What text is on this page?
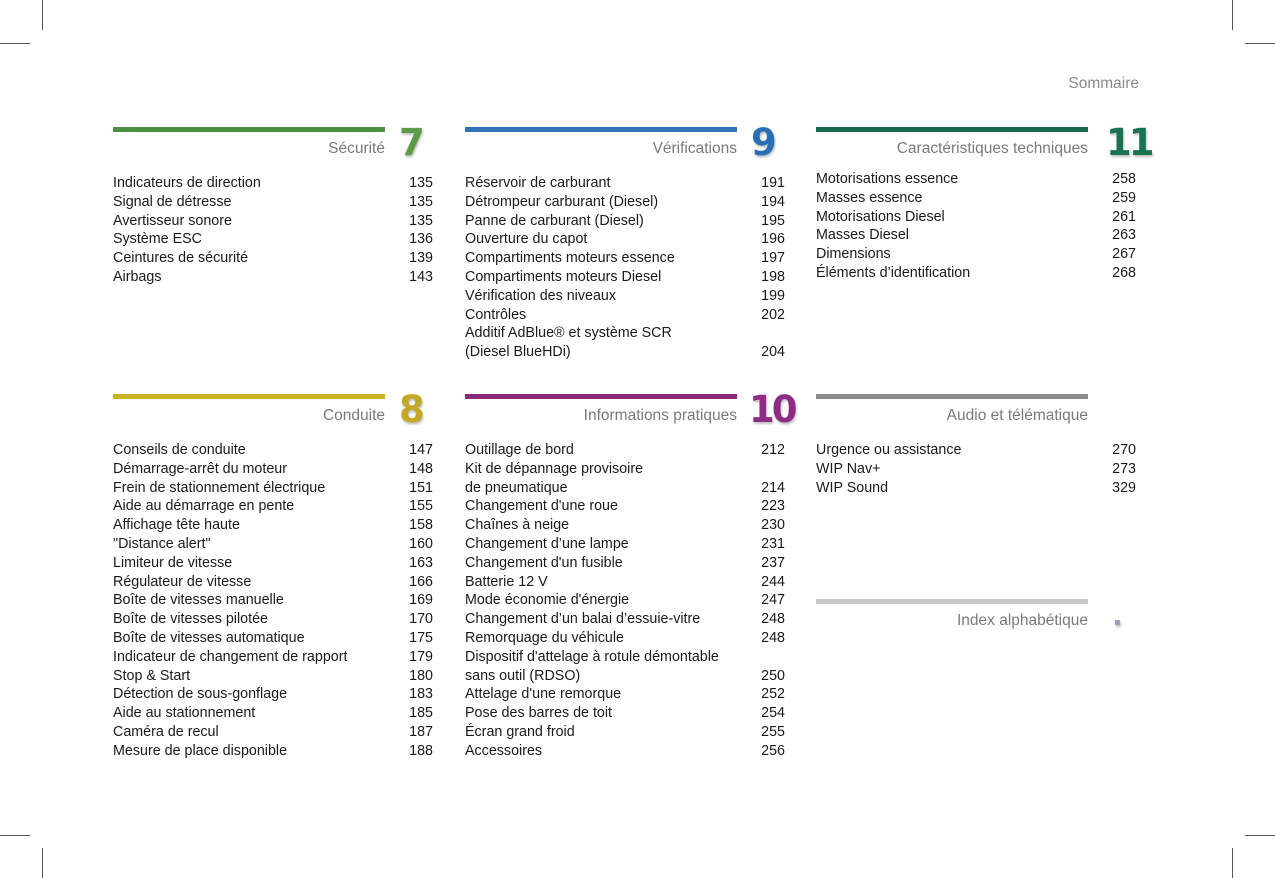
Sommaire
Sécurité 7
Indicateurs de direction	135
Signal de détresse	135
Avertisseur sonore	135
Système ESC	136
Ceintures de sécurité	139
Airbags	143
Vérifications 9
Réservoir de carburant	191
Détrompeur carburant (Diesel)	194
Panne de carburant (Diesel)	195
Ouverture du capot	196
Compartiments moteurs essence	197
Compartiments moteurs Diesel	198
Vérification des niveaux	199
Contrôles	202
Additif AdBlue® et système SCR
(Diesel BlueHDi)	204
Caractéristiques techniques 11
Motorisations essence	258
Masses essence	259
Motorisations Diesel	261
Masses Diesel	263
Dimensions	267
Éléments d’identification	268
Conduite 8
Conseils de conduite	147
Démarrage-arrêt du moteur	148
Frein de stationnement électrique	151
Aide au démarrage en pente	155
Affichage tête haute	158
"Distance alert"	160
Limiteur de vitesse	163
Régulateur de vitesse	166
Boîte de vitesses manuelle	169
Boîte de vitesses pilotée	170
Boîte de vitesses automatique	175
Indicateur de changement de rapport	179
Stop & Start	180
Détection de sous-gonflage	183
Aide au stationnement	185
Caméra de recul	187
Mesure de place disponible	188
Informations pratiques 10
Outillage de bord	212
Kit de dépannage provisoire
de pneumatique	214
Changement d'une roue	223
Chaînes à neige	230
Changement d’une lampe	231
Changement d'un fusible	237
Batterie 12 V	244
Mode économie d'énergie	247
Changement d’un balai d’essuie-vitre	248
Remorquage du véhicule	248
Dispositif d'attelage à rotule démontable
sans outil (RDSO)	250
Attelage d'une remorque	252
Pose des barres de toit	254
Écran grand froid	255
Accessoires	256
Audio et télématique
Urgence ou assistance	270
WIP Nav+	273
WIP Sound	329
Index alphabétique	▪
